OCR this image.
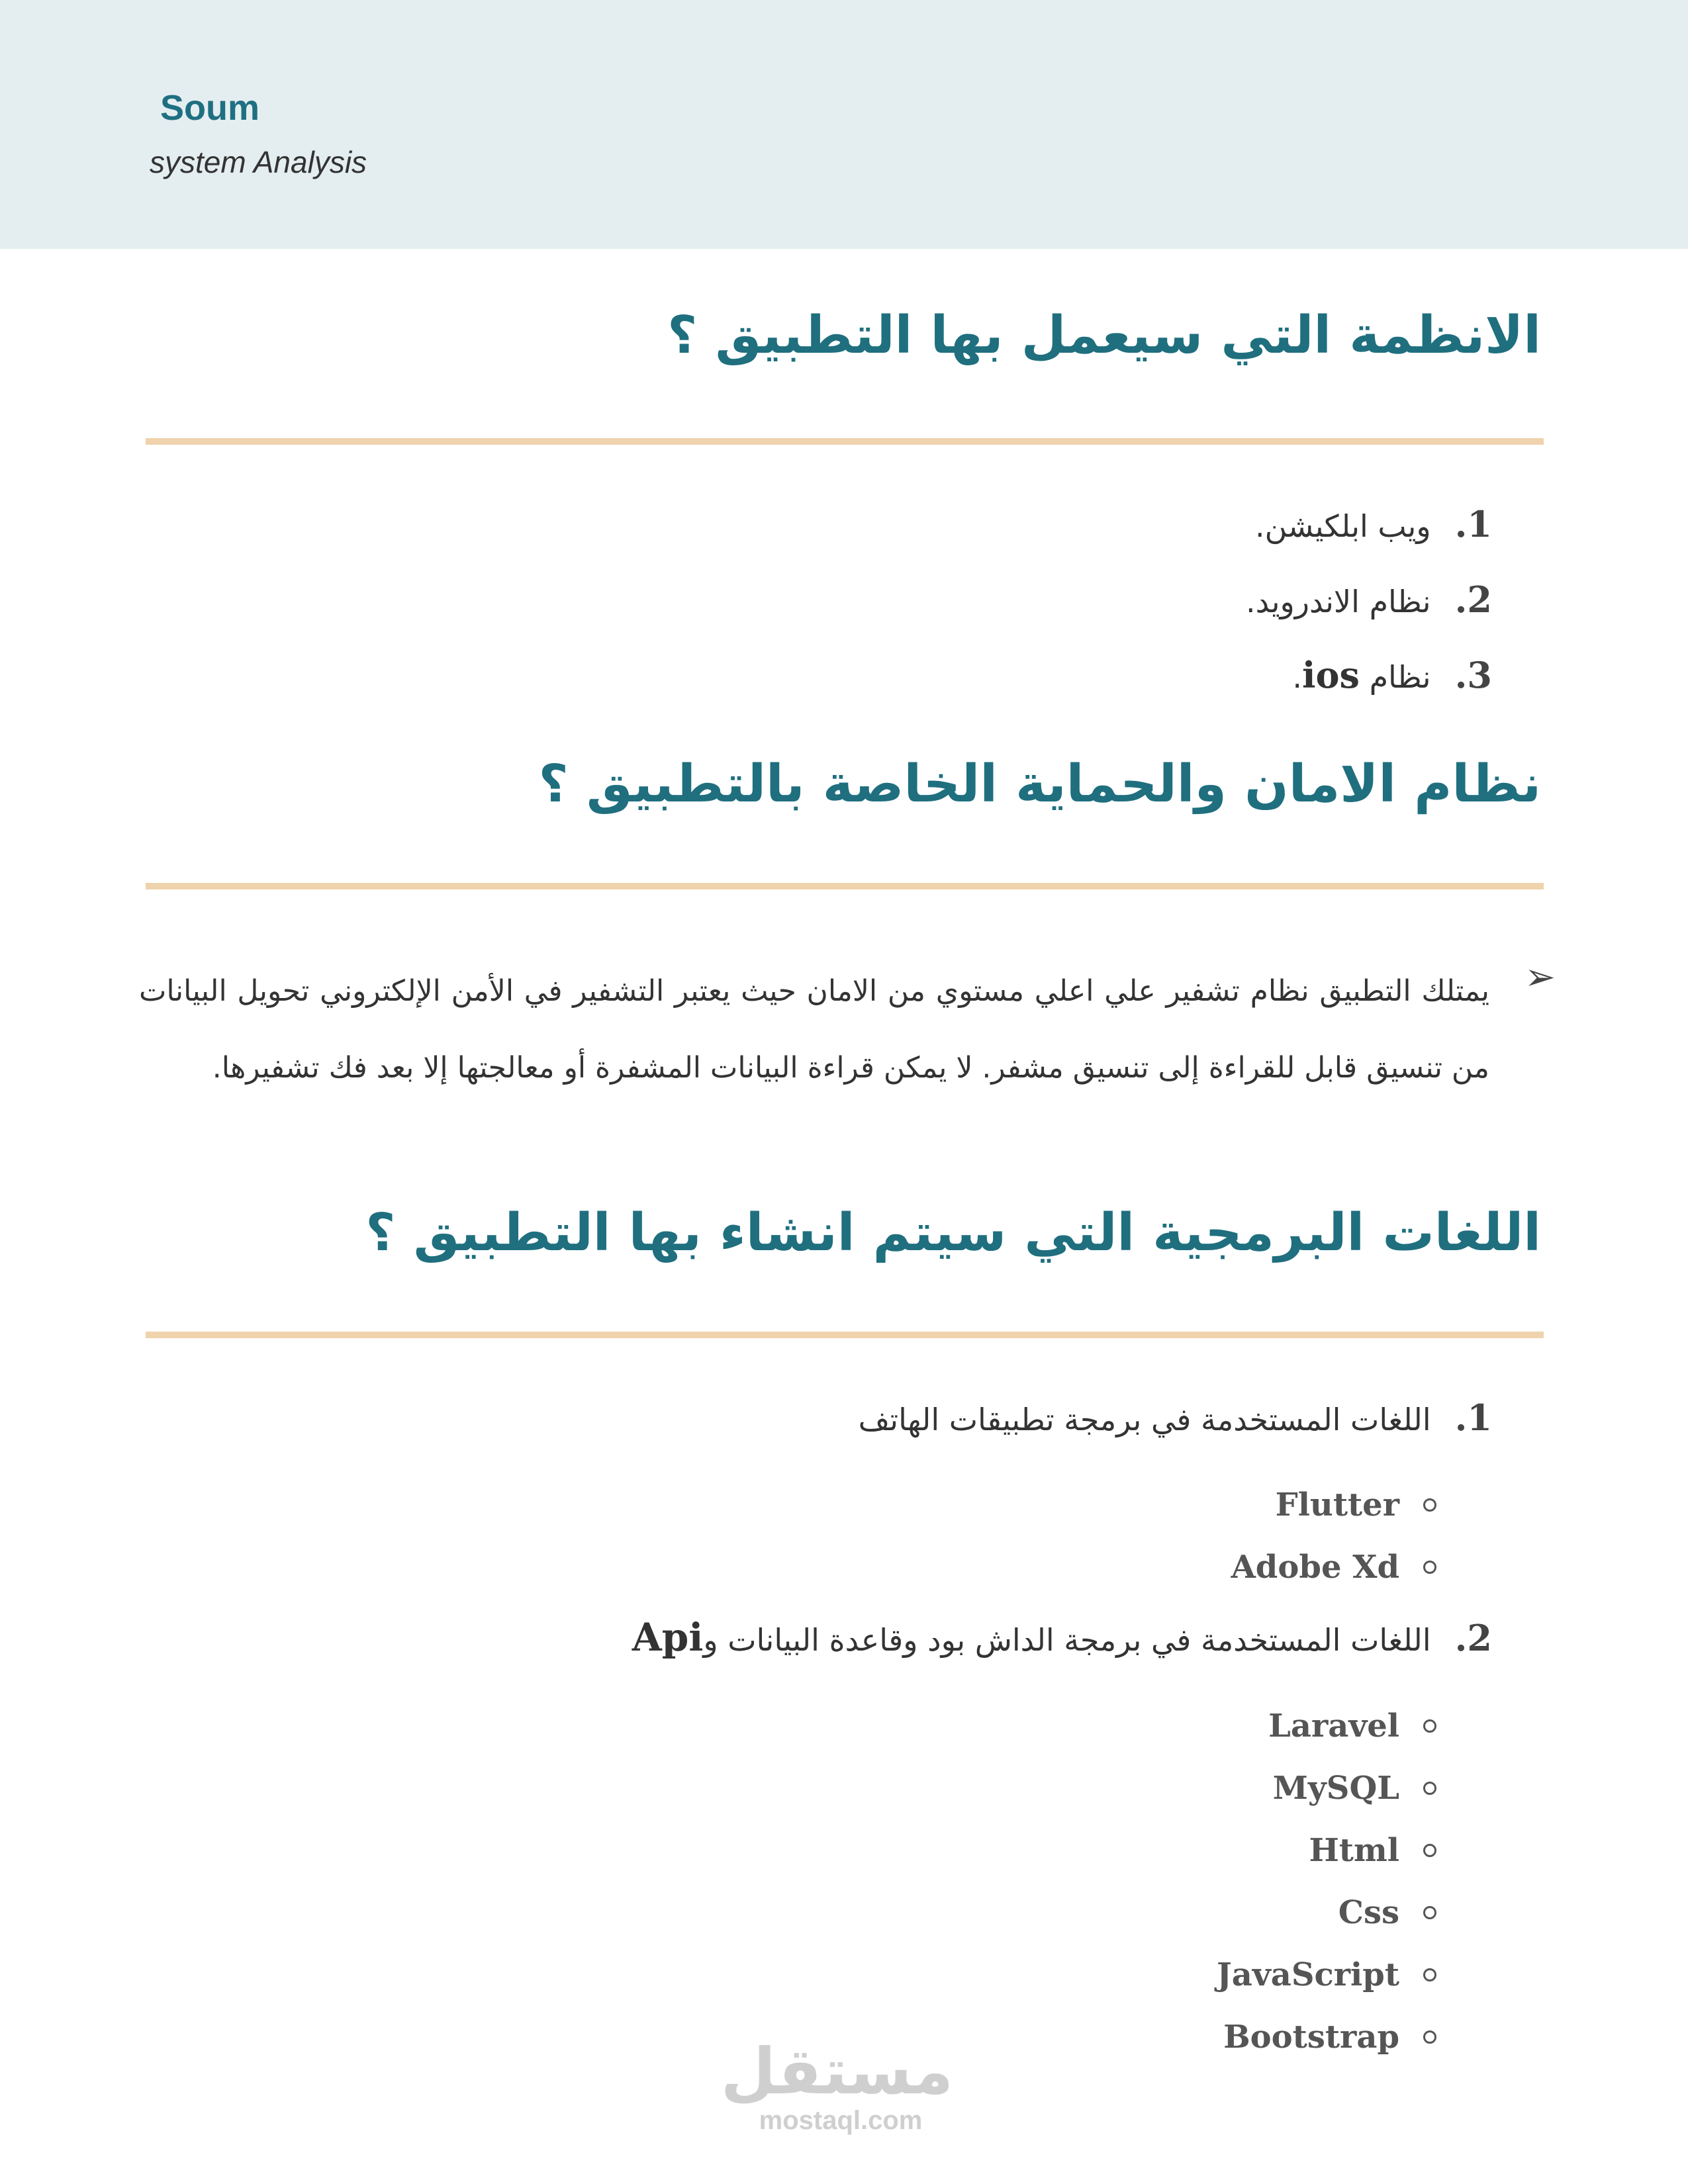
Soum
system Analysis
الانظمة التي سيعمل بها التطبيق ؟
1.ويب ابلكيشن.
2.نظام الاندرويد.
3.نظام ios.
نظام الامان والحماية الخاصة بالتطبيق ؟
➢

يمتلك التطبيق نظام تشفير علي اعلي مستوي من الامان حيث يعتبر التشفير في الأمن الإلكتروني تحويل البيانات من تنسيق قابل للقراءة إلى تنسيق مشفر. لا يمكن قراءة البيانات المشفرة أو معالجتها إلا بعد فك تشفيرها.

اللغات البرمجية التي سيتم انشاء بها التطبيق ؟
1.اللغات المستخدمة في برمجة تطبيقات الهاتف
Flutter
Adobe Xd
2.اللغات المستخدمة في برمجة الداش بود وقاعدة البيانات وApi
Laravel
MySQL
Html
Css
JavaScript
Bootstrap
مستقل
mostaql.com
